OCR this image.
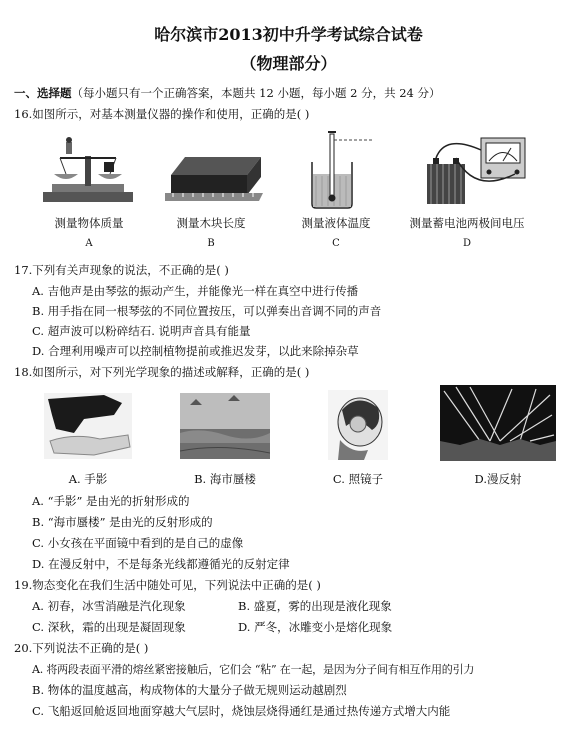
哈尔滨市2013初中升学考试综合试卷
（物理部分）
一、选择题（每小题只有一个正确答案，本题共 12 小题，每小题 2 分，共 24 分）
16.如图所示，对基本测量仪器的操作和使用，正确的是( )
测量物体质量	测量木块长度	测量液体温度	测量蓄电池两极间电压
A	B	C	D
17.下列有关声现象的说法，不正确的是( )
A. 吉他声是由琴弦的振动产生，并能像光一样在真空中进行传播
B. 用手指在同一根琴弦的不同位置按压，可以弹奏出音调不同的声音
C. 超声波可以粉碎结石. 说明声音具有能量
D. 合理利用噪声可以控制植物提前或推迟发芽，以此来除掉杂草
18.如图所示，对下列光学现象的描述或解释，正确的是( )
A. 手影	B. 海市蜃楼	C. 照镜子	D.漫反射
A. “手影” 是由光的折射形成的
B. “海市蜃楼” 是由光的反射形成的
C. 小女孩在平面镜中看到的是自己的虚像
D. 在漫反射中，不是每条光线都遵循光的反射定律
19.物态变化在我们生活中随处可见，下列说法中正确的是( )
A. 初春，冰雪消融是汽化现象	B. 盛夏，雾的出现是液化现象
C. 深秋，霜的出现是凝固现象	D. 严冬，冰雕变小是熔化现象
20.下列说法不正确的是( )
A. 将两段表面平滑的熔丝紧密接触后，它们会 “粘” 在一起，是因为分子间有相互作用的引力
B. 物体的温度越高，构成物体的大量分子做无规则运动越剧烈
C. 飞船返回舱返回地面穿越大气层时，烧蚀层烧得通红是通过热传递方式增大内能
